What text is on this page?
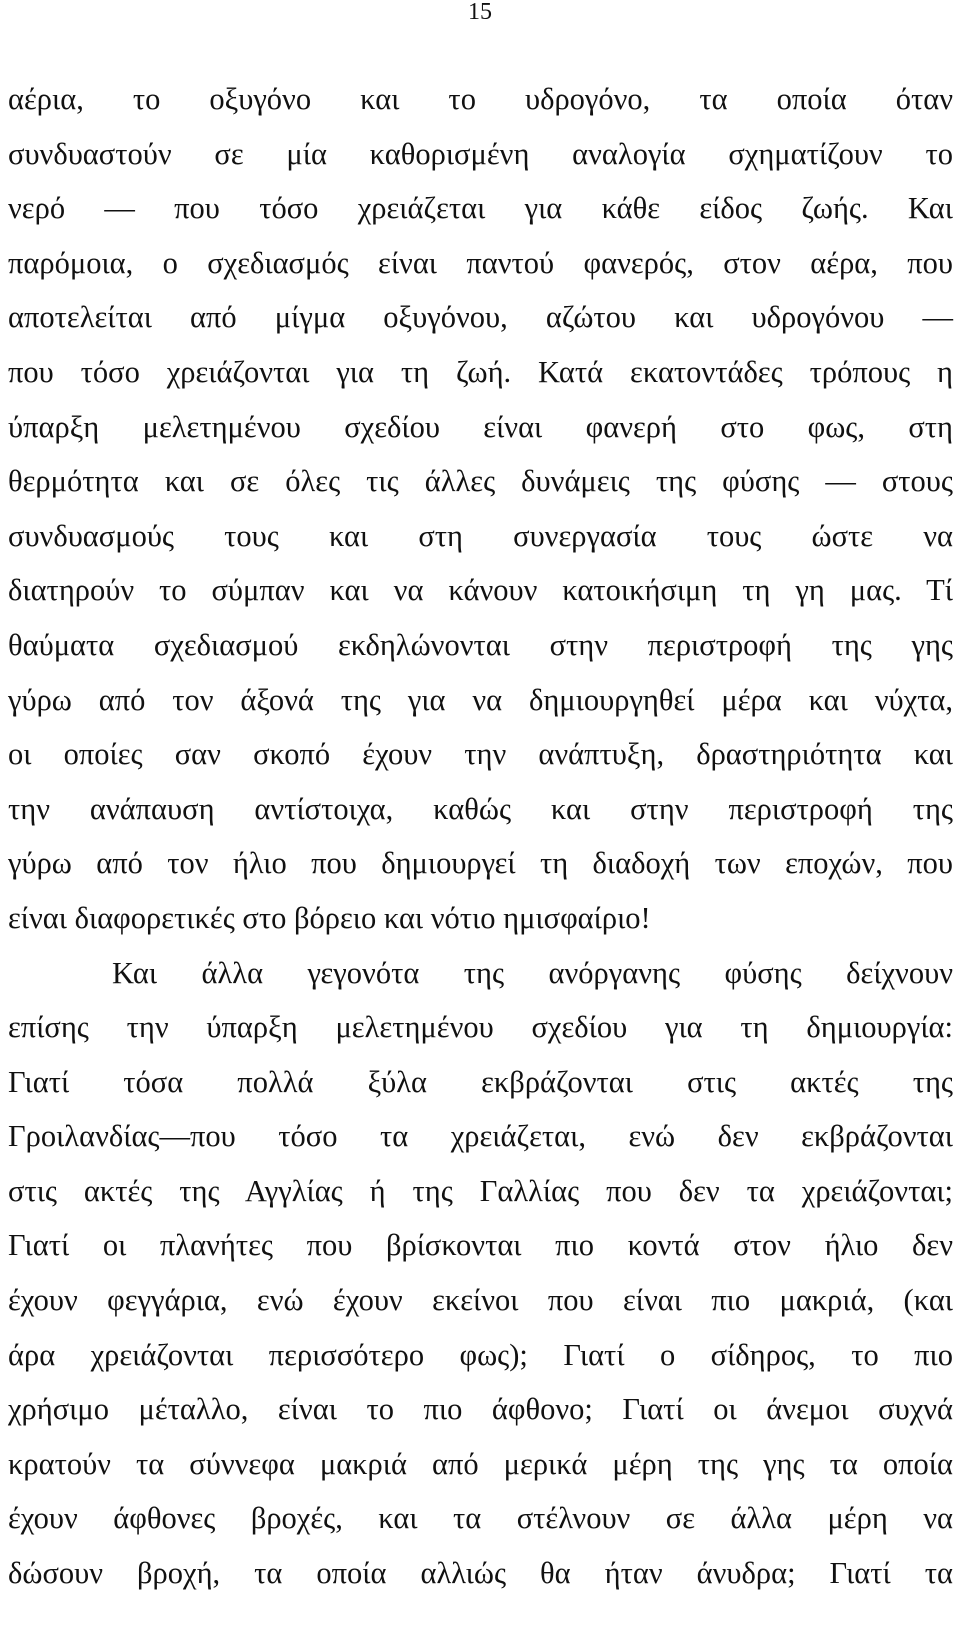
15
αέρια, το οξυγόνο και το υδρογόνο, τα οποία όταν
συνδυαστούν σε μία καθορισμένη αναλογία σχηματίζουν το
νερό — που τόσο χρειάζεται για κάθε είδος ζωής. Και
παρόμοια, ο σχεδιασμός είναι παντού φανερός, στον αέρα, που
αποτελείται από μίγμα οξυγόνου, αζώτου και υδρογόνου —
που τόσο χρειάζονται για τη ζωή. Κατά εκατοντάδες τρόπους η
ύπαρξη μελετημένου σχεδίου είναι φανερή στο φως, στη
θερμότητα και σε όλες τις άλλες δυνάμεις της φύσης — στους
συνδυασμούς τους και στη συνεργασία τους ώστε να
διατηρούν το σύμπαν και να κάνουν κατοικήσιμη τη γη μας. Τί
θαύματα σχεδιασμού εκδηλώνονται στην περιστροφή της γης
γύρω από τον άξονά της για να δημιουργηθεί μέρα και νύχτα,
οι οποίες σαν σκοπό έχουν την ανάπτυξη, δραστηριότητα και
την ανάπαυση αντίστοιχα, καθώς και στην περιστροφή της
γύρω από τον ήλιο που δημιουργεί τη διαδοχή των εποχών, που
είναι διαφορετικές στο βόρειο και νότιο ημισφαίριο!
Και άλλα γεγονότα της ανόργανης φύσης δείχνουν
επίσης την ύπαρξη μελετημένου σχεδίου για τη δημιουργία:
Γιατί τόσα πολλά ξύλα εκβράζονται στις ακτές της
Γροιλανδίας—που τόσο τα χρειάζεται, ενώ δεν εκβράζονται
στις ακτές της Αγγλίας ή της Γαλλίας που δεν τα χρειάζονται;
Γιατί οι πλανήτες που βρίσκονται πιο κοντά στον ήλιο δεν
έχουν φεγγάρια, ενώ έχουν εκείνοι που είναι πιο μακριά, (και
άρα χρειάζονται περισσότερο φως); Γιατί ο σίδηρος, το πιο
χρήσιμο μέταλλο, είναι το πιο άφθονο; Γιατί οι άνεμοι συχνά
κρατούν τα σύννεφα μακριά από μερικά μέρη της γης τα οποία
έχουν άφθονες βροχές, και τα στέλνουν σε άλλα μέρη να
δώσουν βροχή, τα οποία αλλιώς θα ήταν άνυδρα; Γιατί τα
